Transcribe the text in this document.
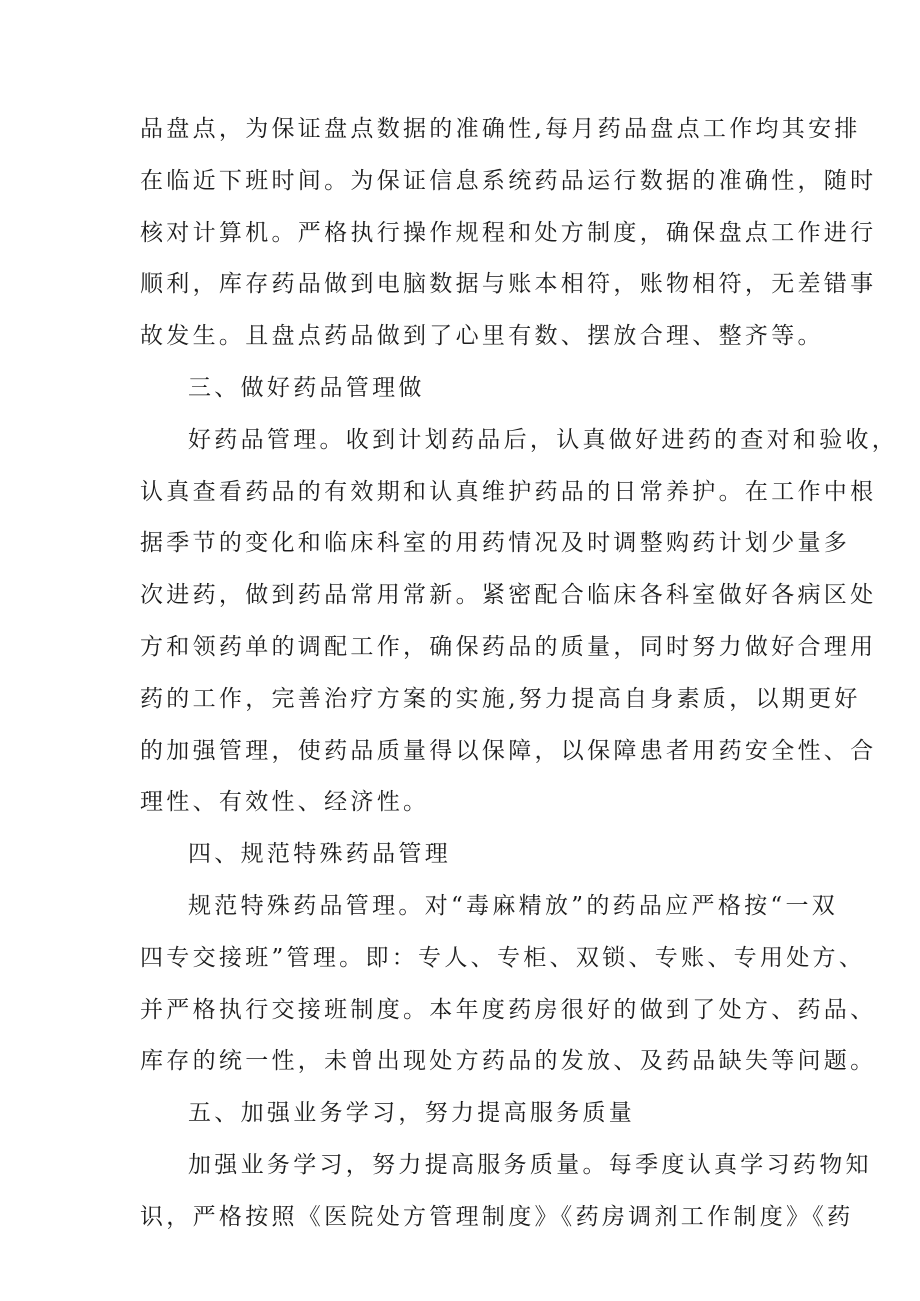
品盘点，为保证盘点数据的准确性,每月药品盘点工作均其安排
在临近下班时间。为保证信息系统药品运行数据的准确性，随时
核对计算机。严格执行操作规程和处方制度，确保盘点工作进行
顺利，库存药品做到电脑数据与账本相符，账物相符，无差错事
故发生。且盘点药品做到了心里有数、摆放合理、整齐等。
三、做好药品管理做
好药品管理。收到计划药品后，认真做好进药的查对和验收，
认真查看药品的有效期和认真维护药品的日常养护。在工作中根
据季节的变化和临床科室的用药情况及时调整购药计划少量多
次进药，做到药品常用常新。紧密配合临床各科室做好各病区处
方和领药单的调配工作，确保药品的质量，同时努力做好合理用
药的工作，完善治疗方案的实施,努力提高自身素质，以期更好
的加强管理，使药品质量得以保障，以保障患者用药安全性、合
理性、有效性、经济性。
四、规范特殊药品管理
规范特殊药品管理。对“毒麻精放”的药品应严格按“一双
四专交接班”管理。即：专人、专柜、双锁、专账、专用处方、
并严格执行交接班制度。本年度药房很好的做到了处方、药品、
库存的统一性，未曾出现处方药品的发放、及药品缺失等问题。
五、加强业务学习，努力提高服务质量
加强业务学习，努力提高服务质量。每季度认真学习药物知
识，严格按照《医院处方管理制度》《药房调剂工作制度》《药
